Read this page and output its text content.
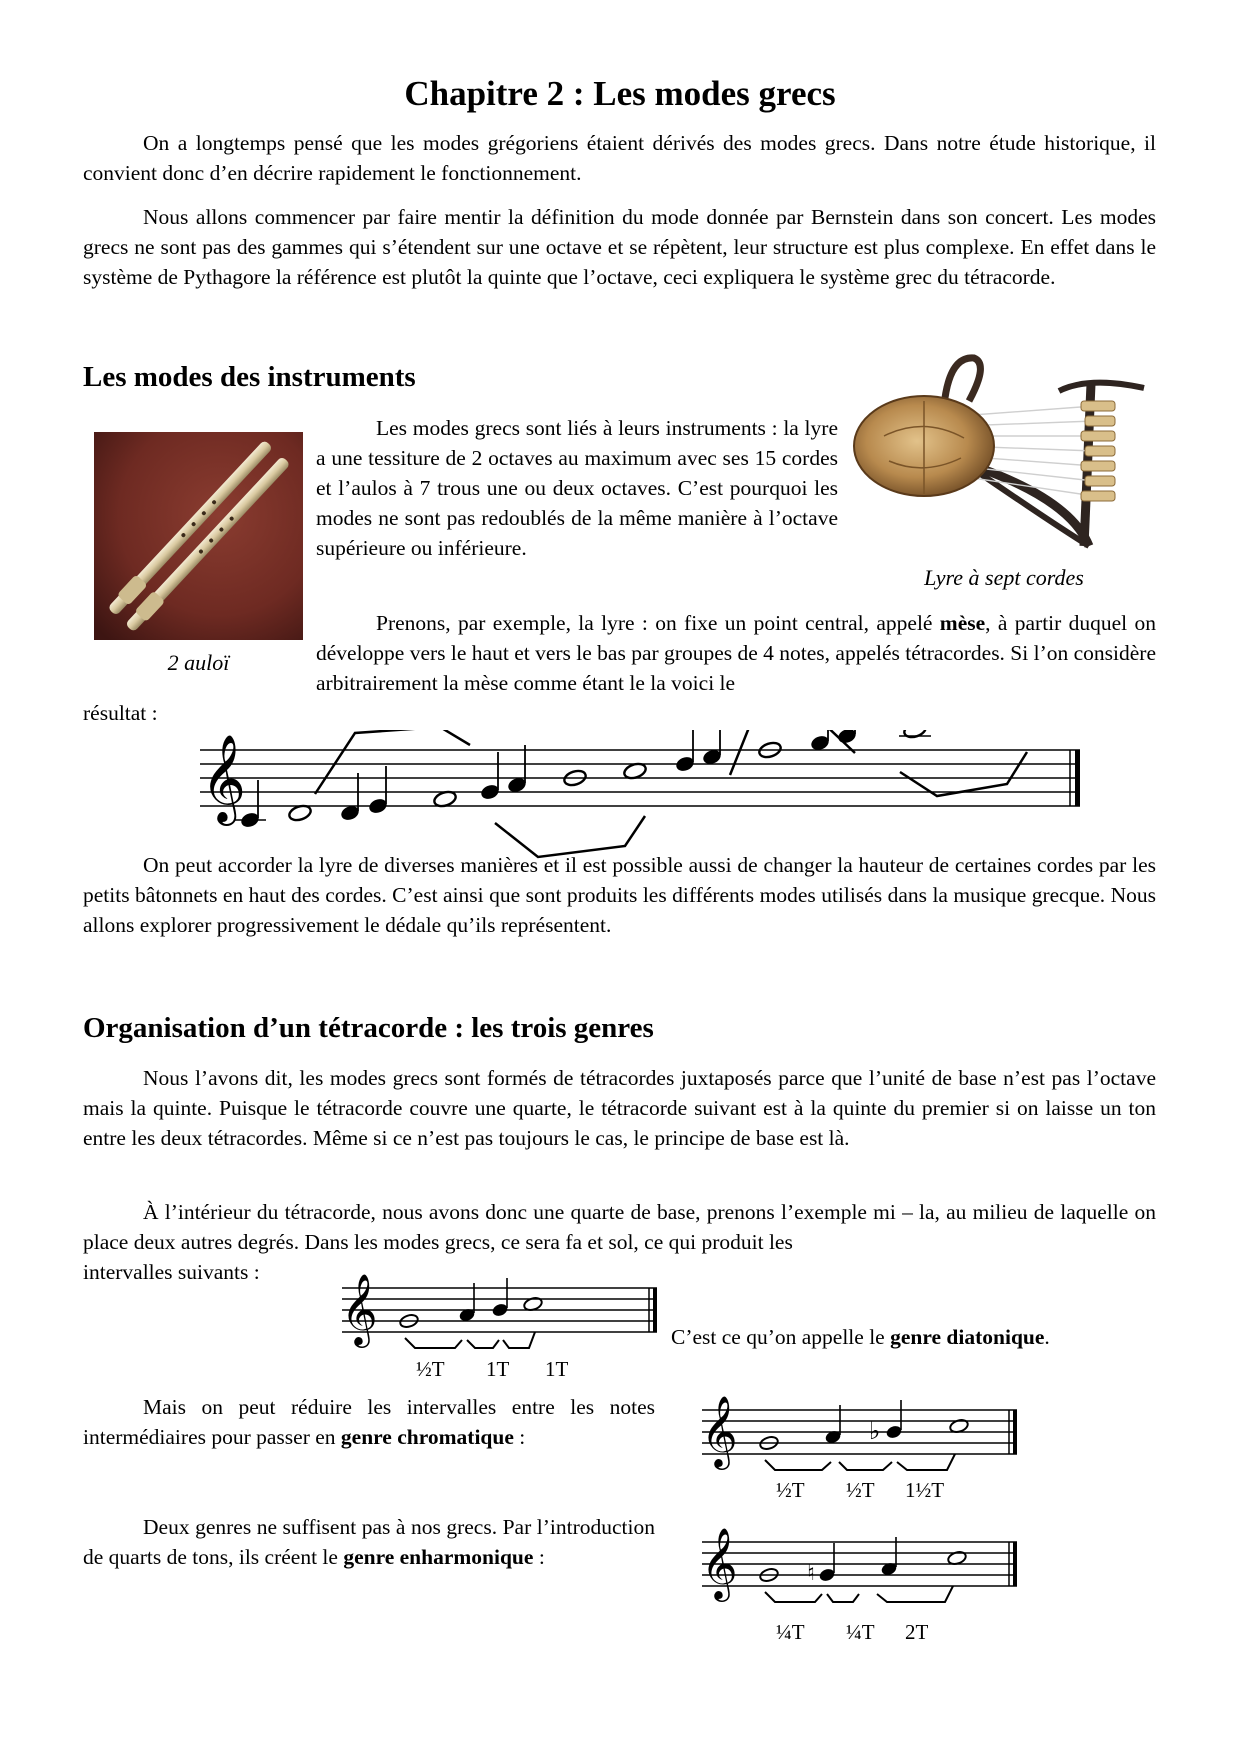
Chapitre 2 : Les modes grecs

On a longtemps pensé que les modes grégoriens étaient dérivés des modes grecs. Dans notre étude historique, il convient donc d’en décrire rapidement le fonctionnement.

Nous allons commencer par faire mentir la définition du mode donnée par Bernstein dans son concert. Les modes grecs ne sont pas des gammes qui s’étendent sur une octave et se répètent, leur structure est plus complexe. En effet dans le système de Pythagore la référence est plutôt la quinte que l’octave, ceci expliquera le système grec du tétracorde.

Les modes des instruments
2 auloï
Lyre à sept cordes

Les modes grecs sont liés à leurs instruments : la lyre a une tessiture de 2 octaves au maximum avec ses 15 cordes et l’aulos à 7 trous une ou deux octaves. C’est pourquoi les modes ne sont pas redoublés de la même manière à l’octave supérieure ou inférieure.

Prenons, par exemple, la lyre : on fixe un point central, appelé mèse, à partir duquel on développe vers le haut et vers le bas par groupes de 4 notes, appelés tétracordes. Si l’on considère arbitrairement la mèse comme étant le la voici le

résultat :
𝄞

On peut accorder la lyre de diverses manières et il est possible aussi de changer la hauteur de certaines cordes par les petits bâtonnets en haut des cordes. C’est ainsi que sont produits les différents modes utilisés dans la musique grecque. Nous allons explorer progressivement le dédale qu’ils représentent.

Organisation d’un tétracorde : les trois genres

Nous l’avons dit, les modes grecs sont formés de tétracordes juxtaposés parce que l’unité de base n’est pas l’octave mais la quinte. Puisque le tétracorde couvre une quarte, le tétracorde suivant est à la quinte du premier si on laisse un ton entre les deux tétracordes. Même si ce n’est pas toujours le cas, le principe de base est là.

À l’intérieur du tétracorde, nous avons donc une quarte de base, prenons l’exemple mi – la, au milieu de laquelle on place deux autres degrés. Dans les modes grecs, ce sera fa et sol, ce qui produit les

intervalles suivants : 𝄞
½T 1T 1T
C’est ce qu’on appelle le genre diatonique.

Mais on peut réduire les intervalles entre les notes intermédiaires pour passer en genre chromatique :	𝄞	♭
½T ½T 1½T

Deux genres ne suffisent pas à nos grecs. Par l’introduction de quarts de tons, ils créent le genre enharmonique :	𝄞	♮
¼T ¼T 2T
